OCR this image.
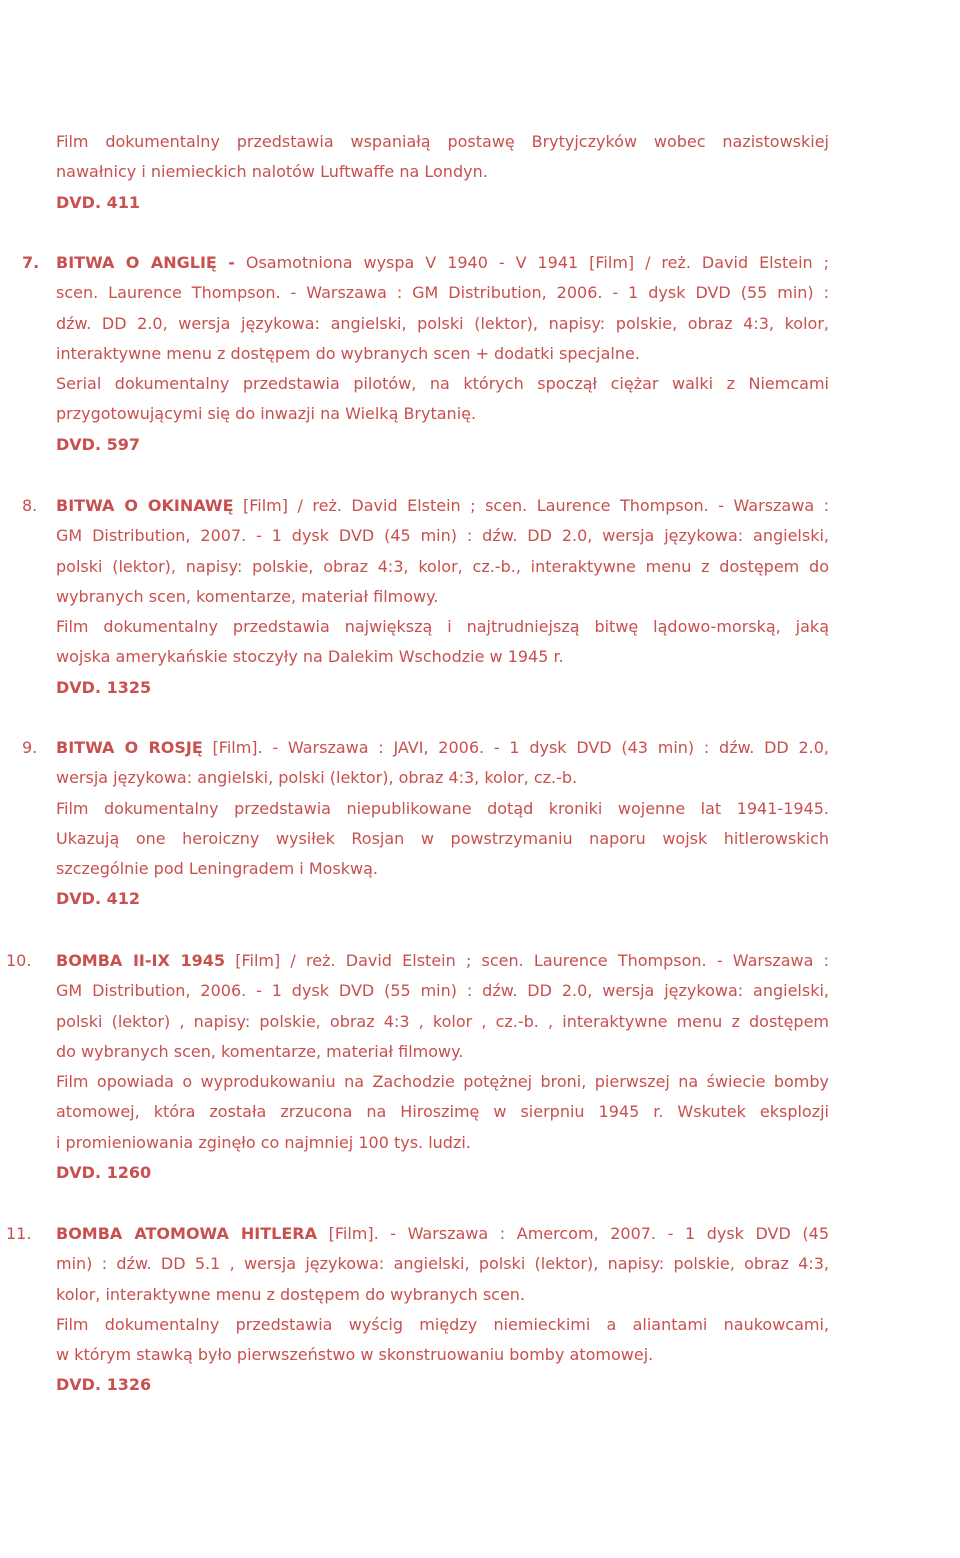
Film dokumentalny przedstawia wspaniałą postawę Brytyjczyków wobec nazistowskiej
nawałnicy i niemieckich nalotów Luftwaffe na Londyn.
DVD. 411
7.	BITWA O ANGLIĘ - Osamotniona wyspa V 1940 - V 1941 [Film] / reż. David Elstein ;
scen. Laurence Thompson. - Warszawa : GM Distribution, 2006. - 1 dysk DVD (55 min) :
dźw. DD 2.0, wersja językowa: angielski, polski (lektor), napisy: polskie, obraz 4:3, kolor,
interaktywne menu z dostępem do wybranych scen + dodatki specjalne.
Serial dokumentalny przedstawia pilotów, na których spoczął ciężar walki z Niemcami
przygotowującymi się do inwazji na Wielką Brytanię.
DVD. 597
8.	BITWA O OKINAWĘ [Film] / reż. David Elstein ; scen. Laurence Thompson. - Warszawa :
GM Distribution, 2007. - 1 dysk DVD (45 min) : dźw. DD 2.0, wersja językowa: angielski,
polski (lektor), napisy: polskie, obraz 4:3, kolor, cz.-b., interaktywne menu z dostępem do
wybranych scen, komentarze, materiał filmowy.
Film dokumentalny przedstawia największą i najtrudniejszą bitwę lądowo-morską, jaką
wojska amerykańskie stoczyły na Dalekim Wschodzie w 1945 r.
DVD. 1325
9.	BITWA O ROSJĘ [Film]. - Warszawa : JAVI, 2006. - 1 dysk DVD (43 min) : dźw. DD 2.0,
wersja językowa: angielski, polski (lektor), obraz 4:3, kolor, cz.-b.
Film dokumentalny przedstawia niepublikowane dotąd kroniki wojenne lat 1941-1945.
Ukazują one heroiczny wysiłek Rosjan w powstrzymaniu naporu wojsk hitlerowskich
szczególnie pod Leningradem i Moskwą.
DVD. 412
10.	BOMBA II-IX 1945 [Film] / reż. David Elstein ; scen. Laurence Thompson. - Warszawa :
GM Distribution, 2006. - 1 dysk DVD (55 min) : dźw. DD 2.0, wersja językowa: angielski,
polski (lektor) , napisy: polskie, obraz 4:3 , kolor , cz.-b. , interaktywne menu z dostępem
do wybranych scen, komentarze, materiał filmowy.
Film opowiada o wyprodukowaniu na Zachodzie potężnej broni, pierwszej na świecie bomby
atomowej, która została zrzucona na Hiroszimę w sierpniu 1945 r. Wskutek eksplozji
i promieniowania zginęło co najmniej 100 tys. ludzi.
DVD. 1260
11.	BOMBA ATOMOWA HITLERA [Film]. - Warszawa : Amercom, 2007. - 1 dysk DVD (45
min) : dźw. DD 5.1 , wersja językowa: angielski, polski (lektor), napisy: polskie, obraz 4:3,
kolor, interaktywne menu z dostępem do wybranych scen.
Film dokumentalny przedstawia wyścig między niemieckimi a aliantami naukowcami,
w którym stawką było pierwszeństwo w skonstruowaniu bomby atomowej.
DVD. 1326
